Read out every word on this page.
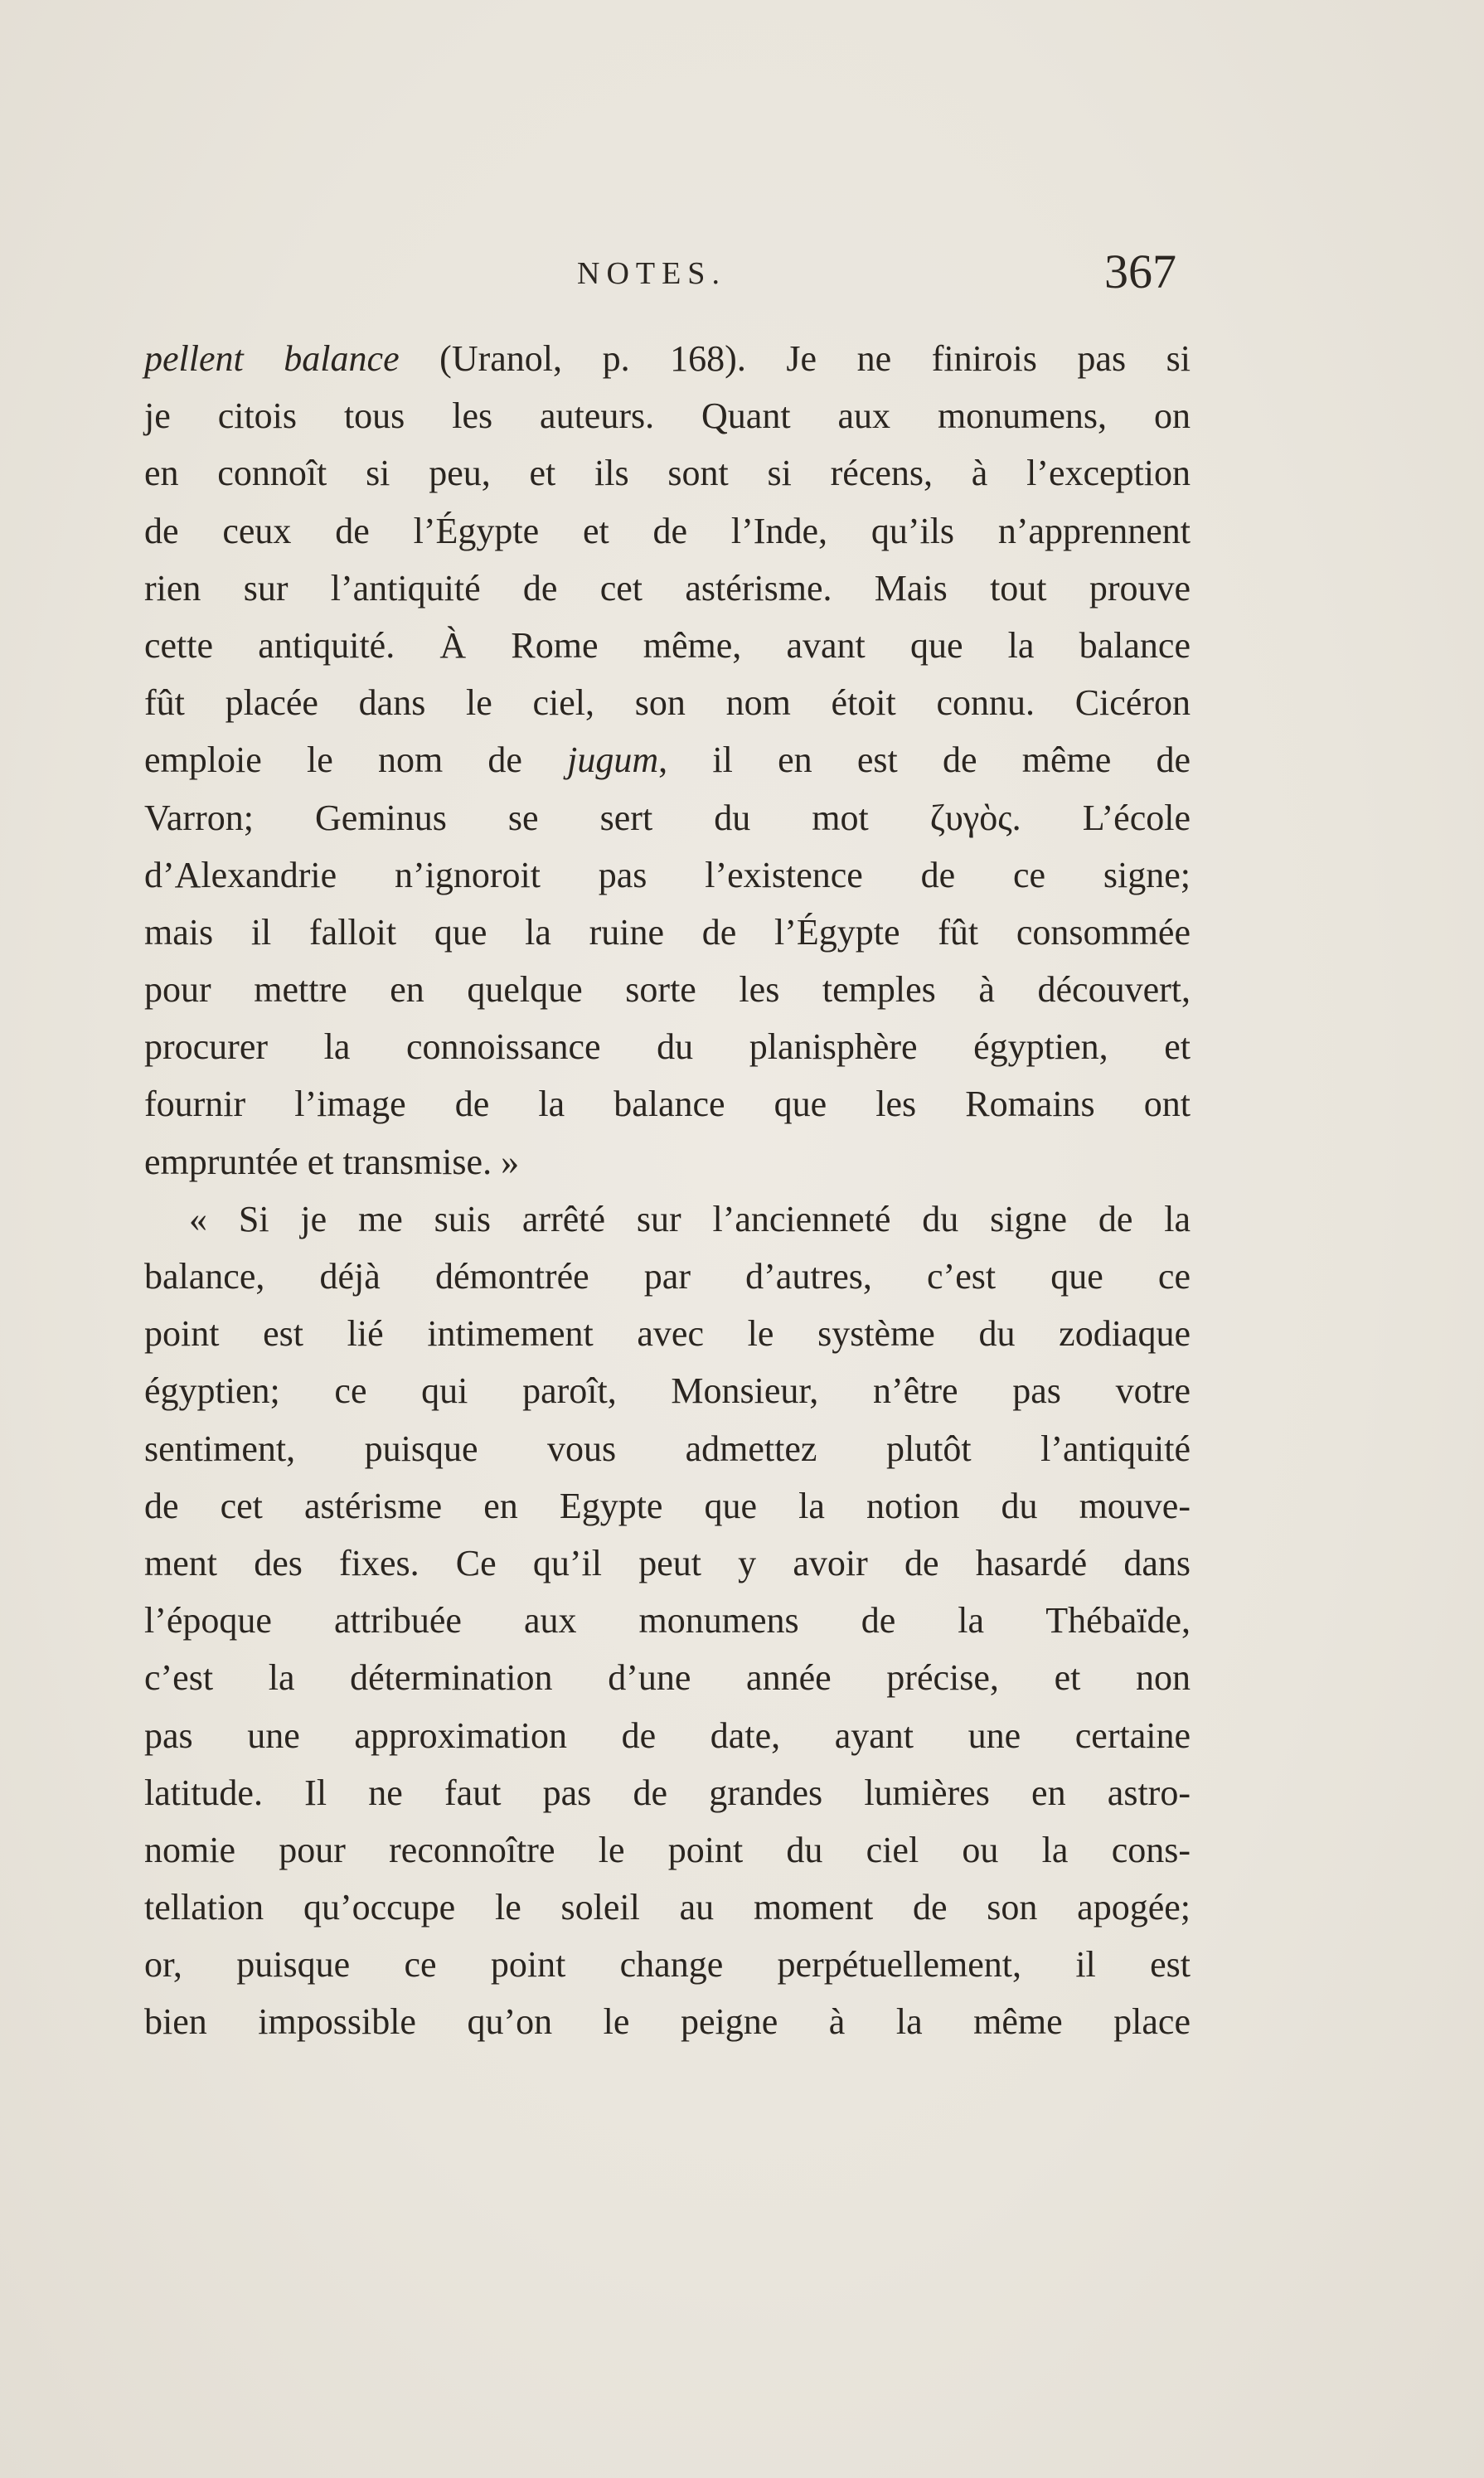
NOTES.	367
pellent balance (Uranol, p. 168). Je ne finirois pas si
je citois tous les auteurs. Quant aux monumens, on
en connoît si peu, et ils sont si récens, à l’exception
de ceux de l’Égypte et de l’Inde, qu’ils n’apprennent
rien sur l’antiquité de cet astérisme. Mais tout prouve
cette antiquité. À Rome même, avant que la balance
fût placée dans le ciel, son nom étoit connu. Cicéron
emploie le nom de jugum, il en est de même de
Varron; Geminus se sert du mot ζυγὸς. L’école
d’Alexandrie n’ignoroit pas l’existence de ce signe;
mais il falloit que la ruine de l’Égypte fût consommée
pour mettre en quelque sorte les temples à découvert,
procurer la connoissance du planisphère égyptien, et
fournir l’image de la balance que les Romains ont
empruntée et transmise. »
« Si je me suis arrêté sur l’ancienneté du signe de la
balance, déjà démontrée par d’autres, c’est que ce
point est lié intimement avec le système du zodiaque
égyptien; ce qui paroît, Monsieur, n’être pas votre
sentiment, puisque vous admettez plutôt l’antiquité
de cet astérisme en Egypte que la notion du mouve-
ment des fixes. Ce qu’il peut y avoir de hasardé dans
l’époque attribuée aux monumens de la Thébaïde,
c’est la détermination d’une année précise, et non
pas une approximation de date, ayant une certaine
latitude. Il ne faut pas de grandes lumières en astro-
nomie pour reconnoître le point du ciel ou la cons-
tellation qu’occupe le soleil au moment de son apogée;
or, puisque ce point change perpétuellement, il est
bien impossible qu’on le peigne à la même place
